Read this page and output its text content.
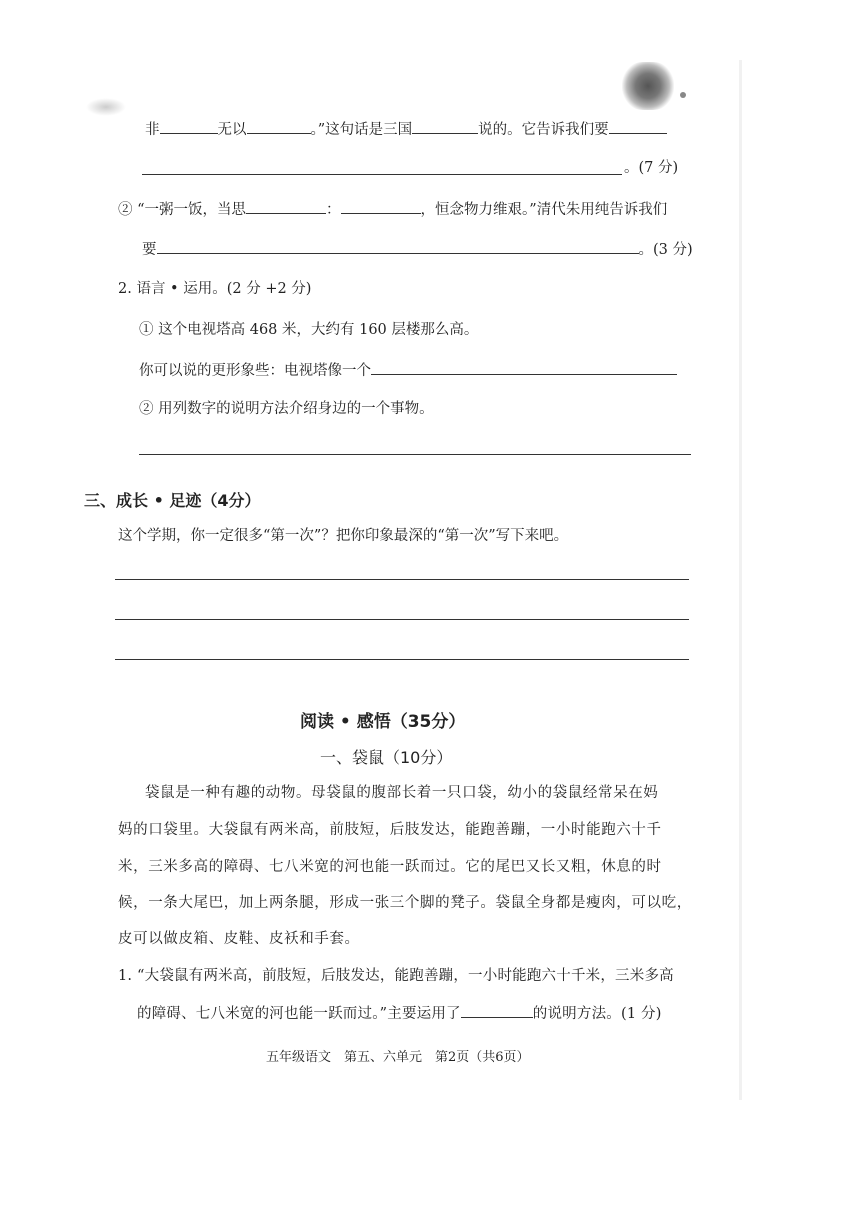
非	无以	。”这句话是三国	说的。它告诉我们要
。(7 分)
② “一粥一饭，当思	：	，恒念物力维艰。”清代朱用纯告诉我们
要	。(3 分)
2. 语言 • 运用。(2 分 +2 分)
① 这个电视塔高 468 米，大约有 160 层楼那么高。
你可以说的更形象些：电视塔像一个
② 用列数字的说明方法介绍身边的一个事物。
三、成长 • 足迹（4分）
这个学期，你一定很多“第一次”？把你印象最深的“第一次”写下来吧。
阅读 • 感悟（35分）
一、袋鼠（10分）
袋鼠是一种有趣的动物。母袋鼠的腹部长着一只口袋，幼小的袋鼠经常呆在妈
妈的口袋里。大袋鼠有两米高，前肢短，后肢发达，能跑善蹦，一小时能跑六十千
米，三米多高的障碍、七八米宽的河也能一跃而过。它的尾巴又长又粗，休息的时
候，一条大尾巴，加上两条腿，形成一张三个脚的凳子。袋鼠全身都是瘦肉，可以吃，
皮可以做皮箱、皮鞋、皮袄和手套。
1. “大袋鼠有两米高，前肢短，后肢发达，能跑善蹦，一小时能跑六十千米，三米多高
的障碍、七八米宽的河也能一跃而过。”主要运用了	的说明方法。(1 分)
五年级语文　第五、六单元　第2页（共6页）
